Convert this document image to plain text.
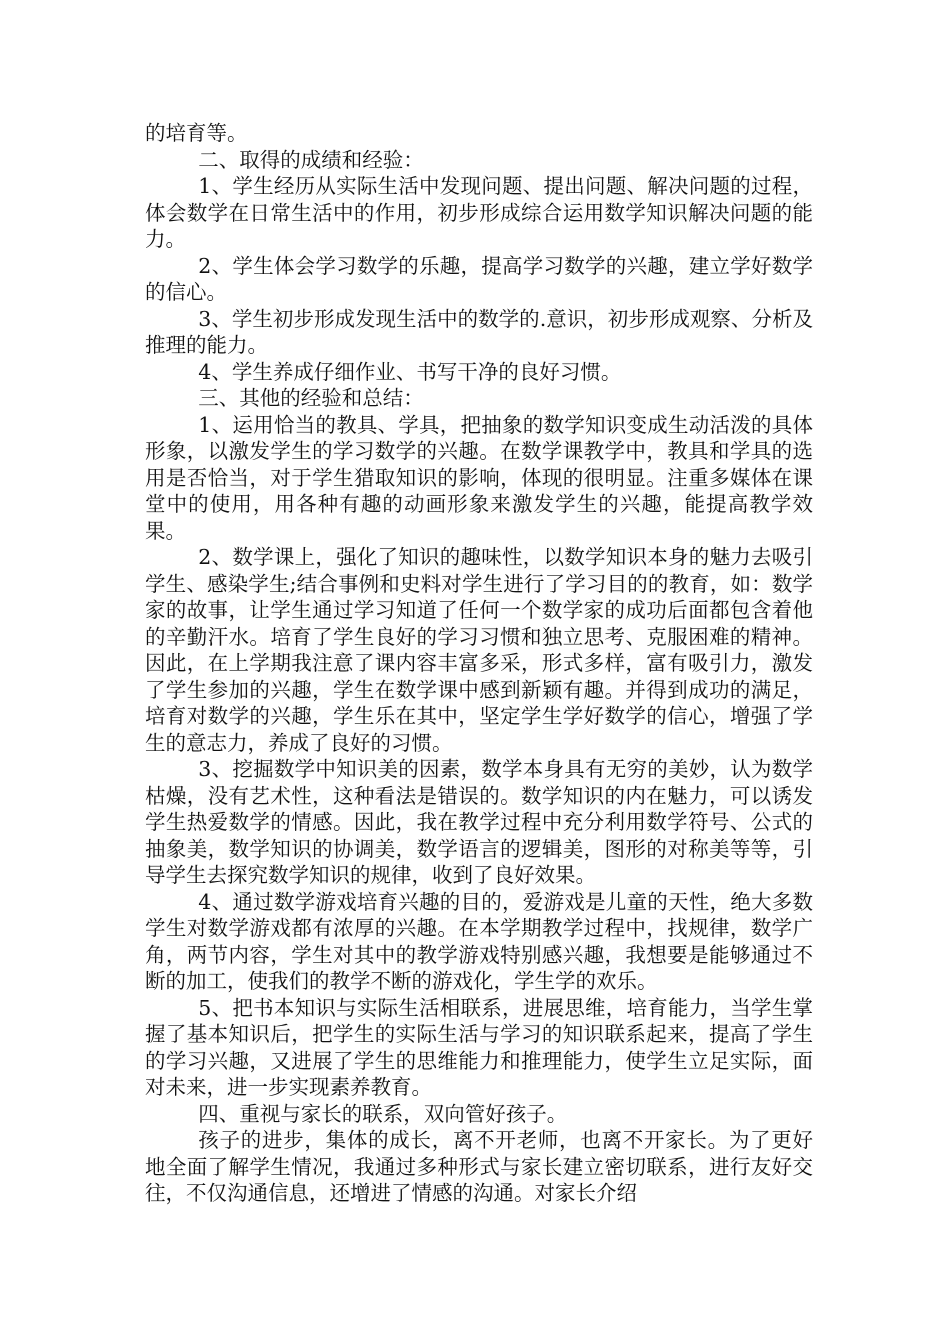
的培育等。

二、取得的成绩和经验：

1、学生经历从实际生活中发现问题、提出问题、解决问题的过程，体会数学在日常生活中的作用，初步形成综合运用数学知识解决问题的能力。

2、学生体会学习数学的乐趣，提高学习数学的兴趣，建立学好数学的信心。

3、学生初步形成发现生活中的数学的.意识，初步形成观察、分析及推理的能力。

4、学生养成仔细作业、书写干净的良好习惯。

三、其他的经验和总结：

1、运用恰当的教具、学具，把抽象的数学知识变成生动活泼的具体形象，以激发学生的学习数学的兴趣。在数学课教学中，教具和学具的选用是否恰当，对于学生猎取知识的影响，体现的很明显。注重多媒体在课堂中的使用，用各种有趣的动画形象来激发学生的兴趣，能提高教学效果。

2、数学课上，强化了知识的趣味性，以数学知识本身的魅力去吸引学生、感染学生;结合事例和史料对学生进行了学习目的的教育，如：数学家的故事，让学生通过学习知道了任何一个数学家的成功后面都包含着他的辛勤汗水。培育了学生良好的学习习惯和独立思考、克服困难的精神。因此，在上学期我注意了课内容丰富多采，形式多样，富有吸引力，激发了学生参加的兴趣，学生在数学课中感到新颖有趣。并得到成功的满足，培育对数学的兴趣，学生乐在其中，坚定学生学好数学的信心，增强了学生的意志力，养成了良好的习惯。

3、挖掘数学中知识美的因素，数学本身具有无穷的美妙，认为数学枯燥，没有艺术性，这种看法是错误的。数学知识的内在魅力，可以诱发学生热爱数学的情感。因此，我在教学过程中充分利用数学符号、公式的抽象美，数学知识的协调美，数学语言的逻辑美，图形的对称美等等，引导学生去探究数学知识的规律，收到了良好效果。

4、通过数学游戏培育兴趣的目的，爱游戏是儿童的天性，绝大多数学生对数学游戏都有浓厚的兴趣。在本学期教学过程中，找规律，数学广角，两节内容，学生对其中的教学游戏特别感兴趣，我想要是能够通过不断的加工，使我们的教学不断的游戏化，学生学的欢乐。

5、把书本知识与实际生活相联系，进展思维，培育能力，当学生掌握了基本知识后，把学生的实际生活与学习的知识联系起来，提高了学生的学习兴趣，又进展了学生的思维能力和推理能力，使学生立足实际，面对未来，进一步实现素养教育。

四、重视与家长的联系，双向管好孩子。

孩子的进步，集体的成长，离不开老师，也离不开家长。为了更好地全面了解学生情况，我通过多种形式与家长建立密切联系，进行友好交往，不仅沟通信息，还增进了情感的沟通。对家长介绍
